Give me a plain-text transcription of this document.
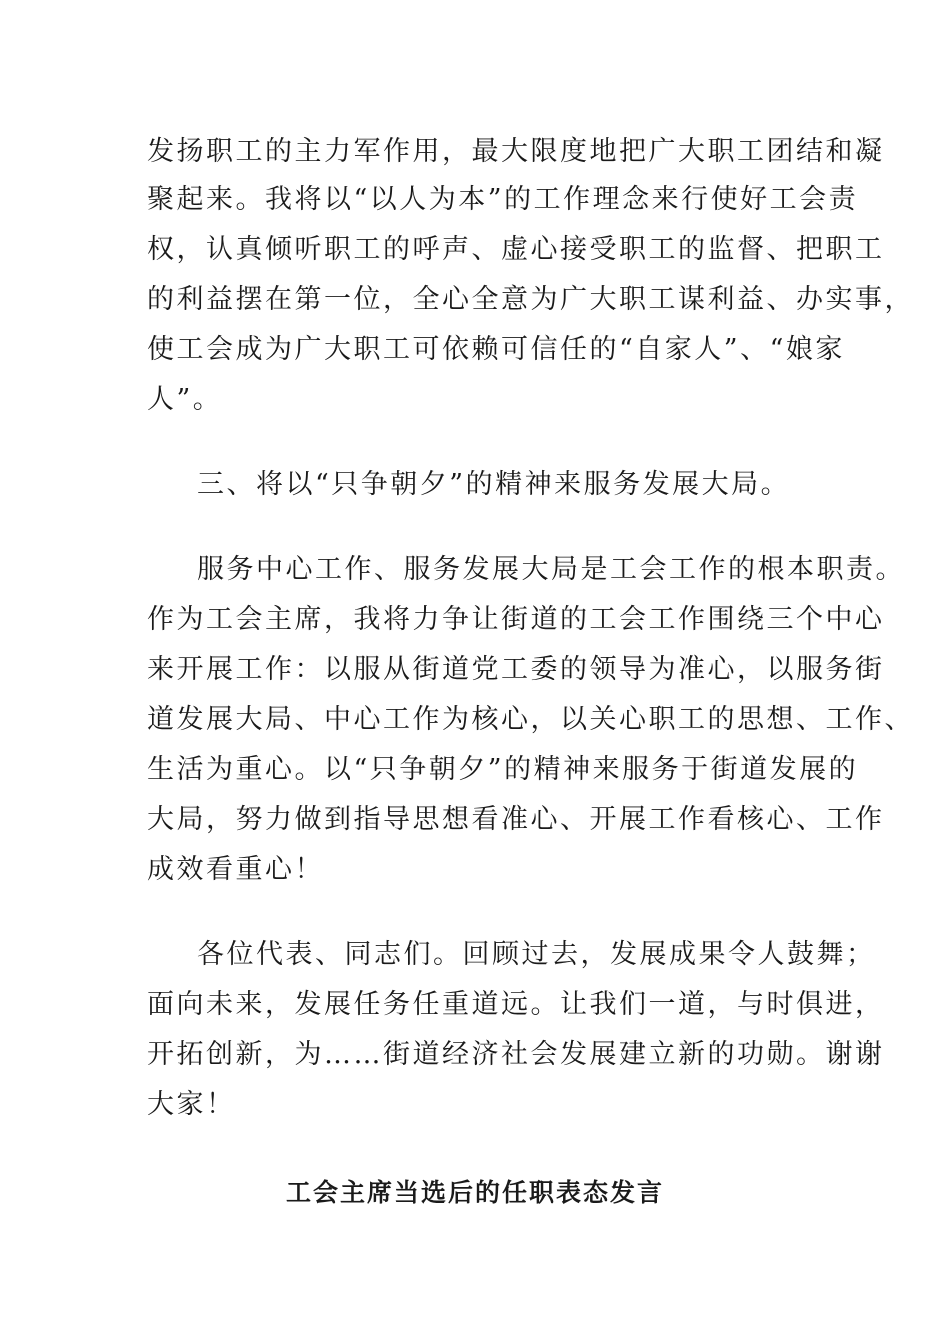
发扬职工的主力军作用，最大限度地把广大职工团结和凝
聚起来。我将以“以人为本”的工作理念来行使好工会责
权，认真倾听职工的呼声、虚心接受职工的监督、把职工
的利益摆在第一位，全心全意为广大职工谋利益、办实事，
使工会成为广大职工可依赖可信任的“自家人”、“娘家
人”。
三、将以“只争朝夕”的精神来服务发展大局。
服务中心工作、服务发展大局是工会工作的根本职责。
作为工会主席，我将力争让街道的工会工作围绕三个中心
来开展工作：以服从街道党工委的领导为准心，以服务街
道发展大局、中心工作为核心，以关心职工的思想、工作、
生活为重心。以“只争朝夕”的精神来服务于街道发展的
大局，努力做到指导思想看准心、开展工作看核心、工作
成效看重心！
各位代表、同志们。回顾过去，发展成果令人鼓舞；
面向未来，发展任务任重道远。让我们一道，与时俱进，
开拓创新，为……街道经济社会发展建立新的功勋。谢谢
大家！
工会主席当选后的任职表态发言
